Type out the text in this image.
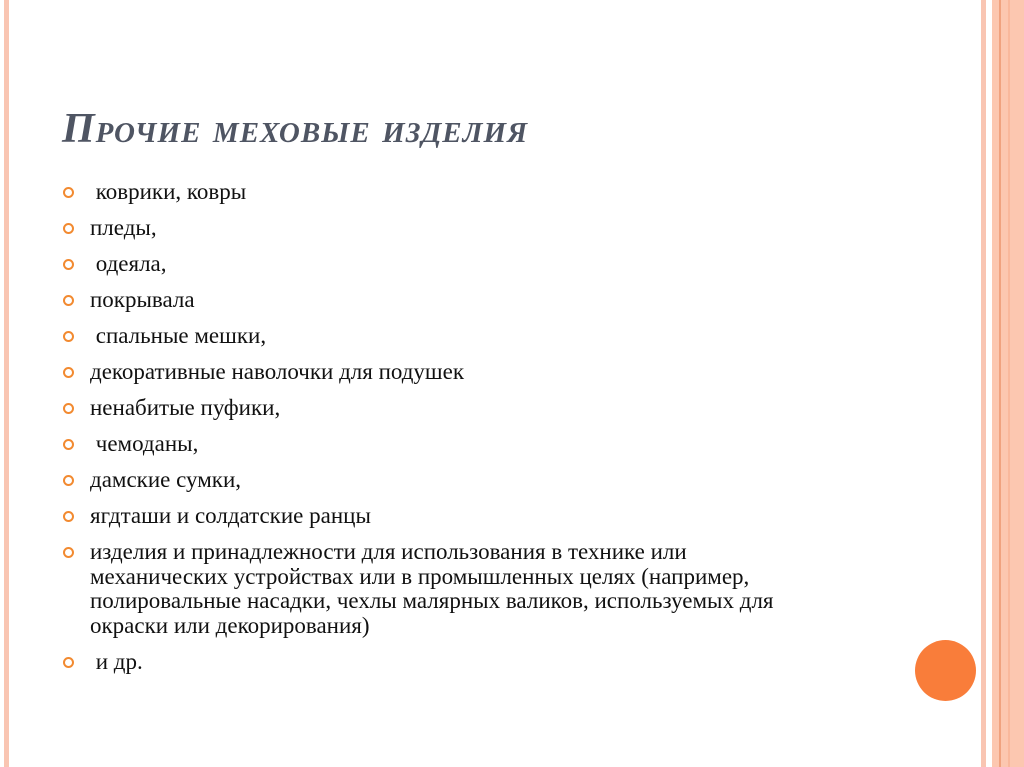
Прочие меховые изделия
коврики, ковры
пледы,
одеяла,
покрывала
спальные мешки,
декоративные наволочки для подушек
ненабитые пуфики,
чемоданы,
дамские сумки,
ягдташи и солдатские ранцы
изделия и принадлежности для использования в технике или механических устройствах или в промышленных целях (например, полировальные насадки, чехлы малярных валиков, используемых для окраски или декорирования)
и др.
